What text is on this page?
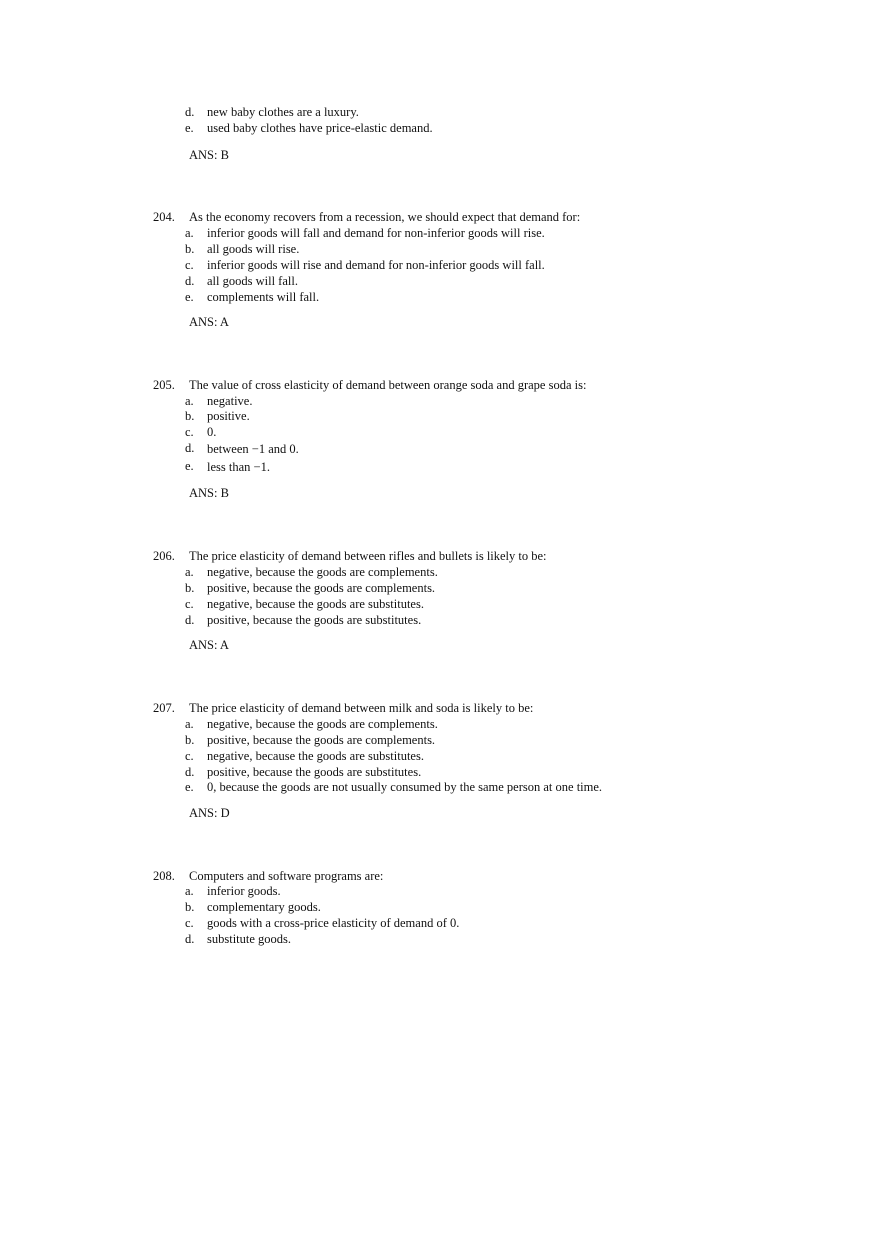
d. new baby clothes are a luxury.
e. used baby clothes have price-elastic demand.
ANS: B
204. As the economy recovers from a recession, we should expect that demand for:
a. inferior goods will fall and demand for non-inferior goods will rise.
b. all goods will rise.
c. inferior goods will rise and demand for non-inferior goods will fall.
d. all goods will fall.
e. complements will fall.
ANS: A
205. The value of cross elasticity of demand between orange soda and grape soda is:
a. negative.
b. positive.
c. 0.
d. between −1 and 0.
e. less than −1.
ANS: B
206. The price elasticity of demand between rifles and bullets is likely to be:
a. negative, because the goods are complements.
b. positive, because the goods are complements.
c. negative, because the goods are substitutes.
d. positive, because the goods are substitutes.
ANS: A
207. The price elasticity of demand between milk and soda is likely to be:
a. negative, because the goods are complements.
b. positive, because the goods are complements.
c. negative, because the goods are substitutes.
d. positive, because the goods are substitutes.
e. 0, because the goods are not usually consumed by the same person at one time.
ANS: D
208. Computers and software programs are:
a. inferior goods.
b. complementary goods.
c. goods with a cross-price elasticity of demand of 0.
d. substitute goods.
